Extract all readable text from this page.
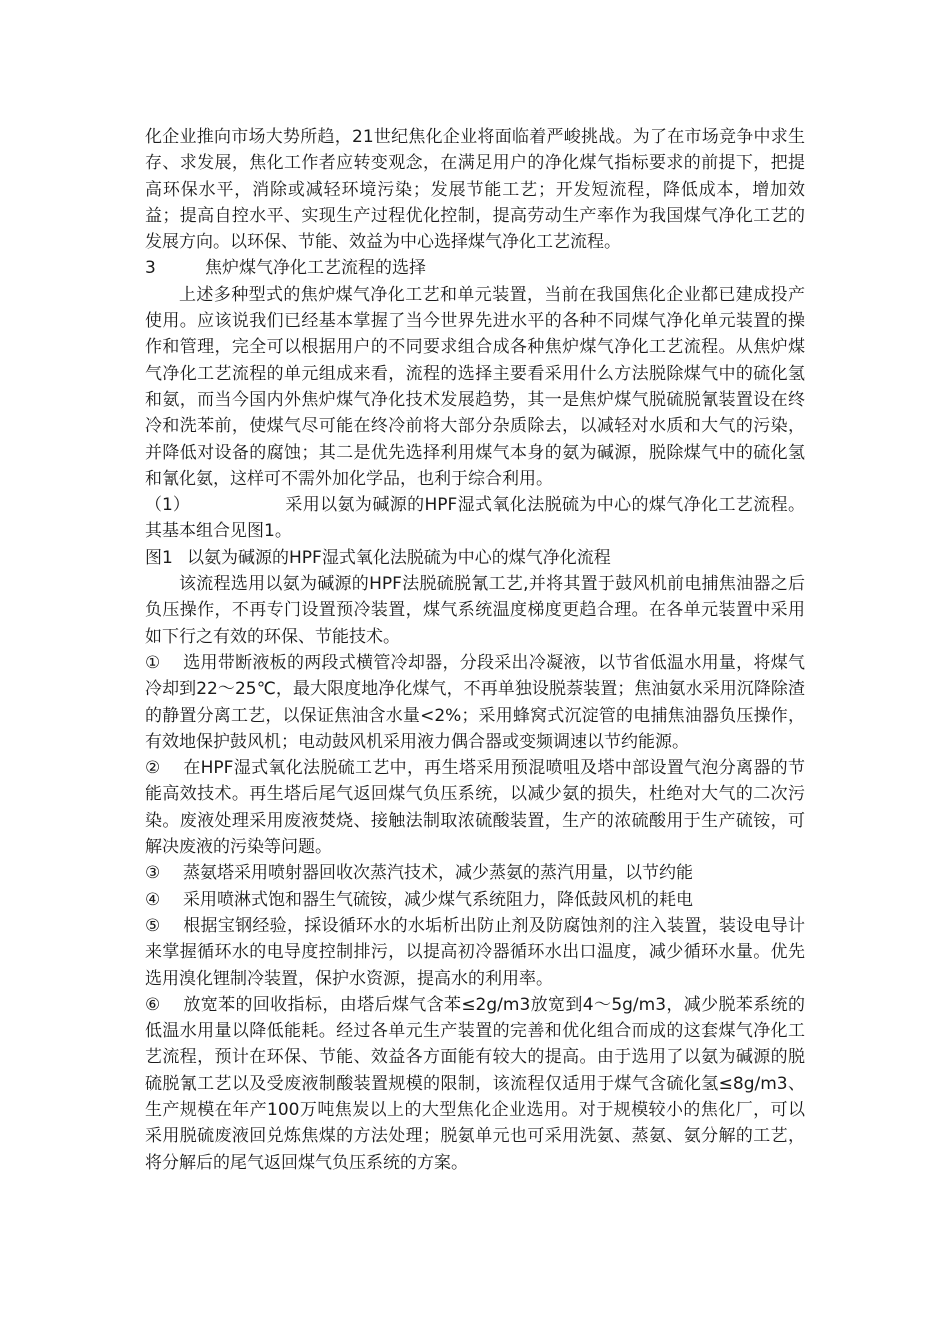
化企业推向市场大势所趋，21世纪焦化企业将面临着严峻挑战。为了在市场竞争中求生存、求发展，焦化工作者应转变观念，在满足用户的净化煤气指标要求的前提下，把提高环保水平，消除或减轻环境污染；发展节能工艺；开发短流程，降低成本，增加效益；提高自控水平、实现生产过程优化控制，提高劳动生产率作为我国煤气净化工艺的发展方向。以环保、节能、效益为中心选择煤气净化工艺流程。

3	焦炉煤气净化工艺流程的选择

上述多种型式的焦炉煤气净化工艺和单元装置，当前在我国焦化企业都已建成投产使用。应该说我们已经基本掌握了当今世界先进水平的各种不同煤气净化单元装置的操作和管理，完全可以根据用户的不同要求组合成各种焦炉煤气净化工艺流程。从焦炉煤气净化工艺流程的单元组成来看，流程的选择主要看采用什么方法脱除煤气中的硫化氢和氨，而当今国内外焦炉煤气净化技术发展趋势，其一是焦炉煤气脱硫脱氰装置设在终冷和洗苯前，使煤气尽可能在终冷前将大部分杂质除去，以减轻对水质和大气的污染，并降低对设备的腐蚀；其二是优先选择利用煤气本身的氨为碱源，脱除煤气中的硫化氢和氰化氨，这样可不需外加化学品，也利于综合利用。

（1）	采用以氨为碱源的HPF湿式氧化法脱硫为中心的煤气净化工艺流程。其基本组合见图1。

图1 以氨为碱源的HPF湿式氧化法脱硫为中心的煤气净化流程

该流程选用以氨为碱源的HPF法脱硫脱氰工艺,并将其置于鼓风机前电捕焦油器之后负压操作，不再专门设置预冷装置，煤气系统温度梯度更趋合理。在各单元装置中采用如下行之有效的环保、节能技术。

① 选用带断液板的两段式横管冷却器，分段采出冷凝液，以节省低温水用量，将煤气冷却到22～25℃，最大限度地净化煤气，不再单独设脱萘装置；焦油氨水采用沉降除渣的静置分离工艺，以保证焦油含水量<2%；采用蜂窝式沉淀管的电捕焦油器负压操作，有效地保护鼓风机；电动鼓风机采用液力偶合器或变频调速以节约能源。

② 在HPF湿式氧化法脱硫工艺中，再生塔采用预混喷咀及塔中部设置气泡分离器的节能高效技术。再生塔后尾气返回煤气负压系统，以减少氨的损失，杜绝对大气的二次污染。废液处理采用废液焚烧、接触法制取浓硫酸装置，生产的浓硫酸用于生产硫铵，可解决废液的污染等问题。

③ 蒸氨塔采用喷射器回收次蒸汽技术，减少蒸氨的蒸汽用量，以节约能

④ 采用喷淋式饱和器生气硫铵，减少煤气系统阻力，降低鼓风机的耗电

⑤ 根据宝钢经验，採设循环水的水垢析出防止剂及防腐蚀剂的注入装置，装设电导计来掌握循环水的电导度控制排污，以提高初冷器循环水出口温度，减少循环水量。优先选用溴化锂制冷装置，保护水资源，提高水的利用率。

⑥ 放宽苯的回收指标，由塔后煤气含苯≤2g/m3放宽到4～5g/m3，减少脱苯系统的低温水用量以降低能耗。经过各单元生产装置的完善和优化组合而成的这套煤气净化工艺流程，预计在环保、节能、效益各方面能有较大的提高。由于选用了以氨为碱源的脱硫脱氰工艺以及受废液制酸装置规模的限制，该流程仅适用于煤气含硫化氢≤8g/m3、生产规模在年产100万吨焦炭以上的大型焦化企业选用。对于规模较小的焦化厂，可以采用脱硫废液回兑炼焦煤的方法处理；脱氨单元也可采用洗氨、蒸氨、氨分解的工艺，将分解后的尾气返回煤气负压系统的方案。
